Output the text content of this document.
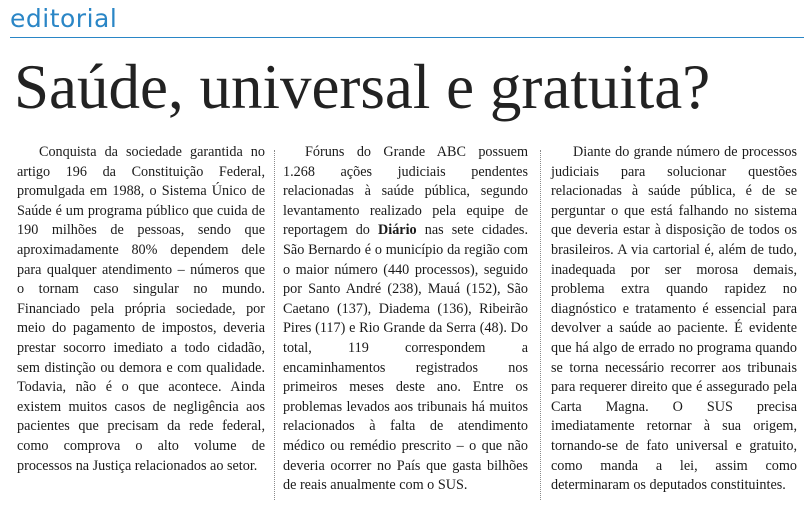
editorial
Saúde, universal e gratuita?

Conquista da sociedade garantida no artigo 196 da Constituição Federal, promulgada em 1988, o Sistema Único de Saúde é um programa público que cuida de 190 milhões de pessoas, sendo que aproximadamente 80% dependem dele para qualquer atendimento – números que o tornam caso singular no mundo. Financiado pela própria sociedade, por meio do pagamento de impostos, deveria prestar socorro imediato a todo cidadão, sem distinção ou demora e com qualidade. Todavia, não é o que acontece. Ainda existem muitos casos de negligência aos pacientes que precisam da rede federal, como comprova o alto volume de processos na Justiça relacionados ao setor.

Fóruns do Grande ABC possuem 1.268 ações judiciais pendentes relacionadas à saúde pública, segundo levantamento realizado pela equipe de reportagem do Diário nas sete cidades. São Bernardo é o município da região com o maior número (440 processos), seguido por Santo André (238), Mauá (152), São Caetano (137), Diadema (136), Ribeirão Pires (117) e Rio Grande da Serra (48). Do total, 119 correspondem a encaminhamentos registrados nos primeiros meses deste ano. Entre os problemas levados aos tribunais há muitos relacionados à falta de atendimento médico ou remédio prescrito – o que não deveria ocorrer no País que gasta bilhões de reais anualmente com o SUS.

Diante do grande número de processos judiciais para solucionar questões relacionadas à saúde pública, é de se perguntar o que está falhando no sistema que deveria estar à disposição de todos os brasileiros. A via cartorial é, além de tudo, inadequada por ser morosa demais, problema extra quando rapidez no diagnóstico e tratamento é essencial para devolver a saúde ao paciente. É evidente que há algo de errado no programa quando se torna necessário recorrer aos tribunais para requerer direito que é assegurado pela Carta Magna. O SUS precisa imediatamente retornar à sua origem, tornando-se de fato universal e gratuito, como manda a lei, assim como determinaram os deputados constituintes.
